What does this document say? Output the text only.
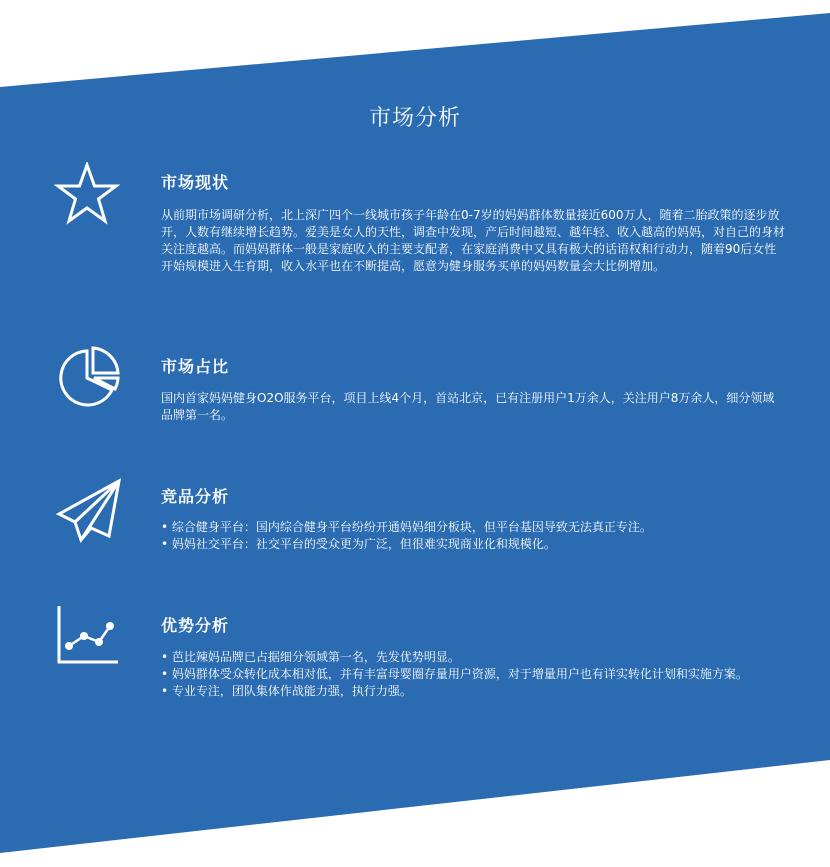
市场分析
市场现状

从前期市场调研分析，北上深广四个一线城市孩子年龄在0-7岁的妈妈群体数量接近600万人，随着二胎政策的逐步放开，人数有继续增长趋势。爱美是女人的天性，调查中发现，产后时间越短、越年轻、收入越高的妈妈，对自己的身材关注度越高。而妈妈群体一般是家庭收入的主要支配者，在家庭消费中又具有极大的话语权和行动力，随着90后女性开始规模进入生育期，收入水平也在不断提高，愿意为健身服务买单的妈妈数量会大比例增加。

市场占比

国内首家妈妈健身O2O服务平台，项目上线4个月，首站北京，已有注册用户1万余人，关注用户8万余人，细分领域品牌第一名。

竞品分析

• 综合健身平台：国内综合健身平台纷纷开通妈妈细分板块，但平台基因导致无法真正专注。

• 妈妈社交平台：社交平台的受众更为广泛，但很难实现商业化和规模化。

优势分析

• 芭比辣妈品牌已占据细分领域第一名，先发优势明显。

• 妈妈群体受众转化成本相对低，并有丰富母婴圈存量用户资源，对于增量用户也有详实转化计划和实施方案。

• 专业专注，团队集体作战能力强，执行力强。
